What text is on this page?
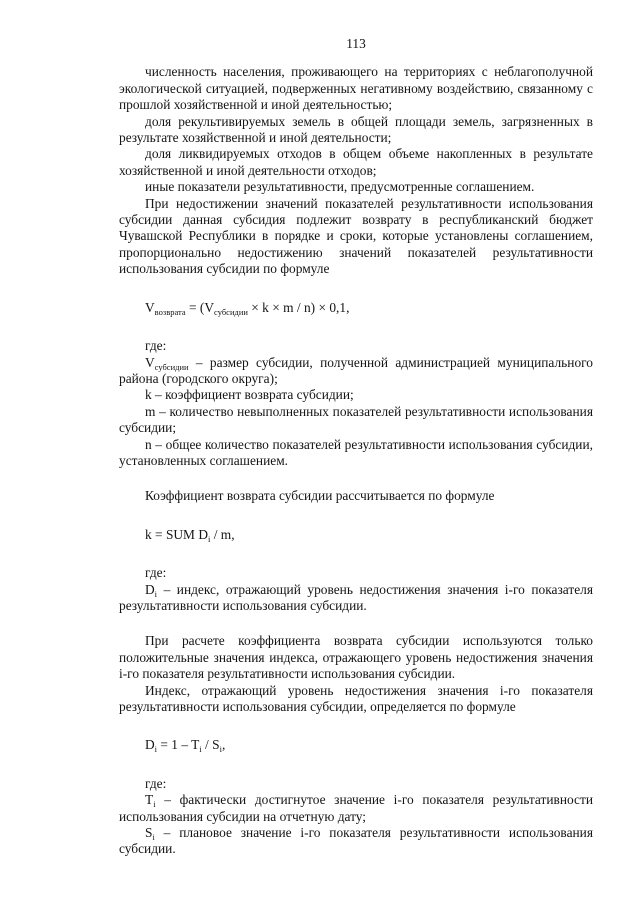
113

численность населения, проживающего на территориях с неблагополучной экологической ситуацией, подверженных негативному воздействию, связанному с прошлой хозяйственной и иной деятельностью;

доля рекультивируемых земель в общей площади земель, загрязненных в результате хозяйственной и иной деятельности;

доля ликвидируемых отходов в общем объеме накопленных в результате хозяйственной и иной деятельности отходов;

иные показатели результативности, предусмотренные соглашением.

При недостижении значений показателей результативности использования субсидии данная субсидия подлежит возврату в республиканский бюджет Чувашской Республики в порядке и сроки, которые установлены соглашением, пропорционально недостижению значений показателей результативности использования субсидии по формуле

$V_{возврата} = (V_{субсидии} \times k \times m / n) \times 0,1$,

где:

$V_{субсидии}$ – размер субсидии, полученной администрацией муниципального района (городского округа);

k – коэффициент возврата субсидии;

m – количество невыполненных показателей результативности использования субсидии;

n – общее количество показателей результативности использования субсидии, установленных соглашением.

Коэффициент возврата субсидии рассчитывается по формуле

k = SUM $D_i$ / m,

где:

$D_i$ – индекс, отражающий уровень недостижения значения i-го показателя результативности использования субсидии.

При расчете коэффициента возврата субсидии используются только положительные значения индекса, отражающего уровень недостижения значения i-го показателя результативности использования субсидии.

Индекс, отражающий уровень недостижения значения i-го показателя результативности использования субсидии, определяется по формуле

$D_i = 1 - T_i / S_i$,

где:

$T_i$ – фактически достигнутое значение i-го показателя результативности использования субсидии на отчетную дату;

$S_i$ – плановое значение i-го показателя результативности использования субсидии.
